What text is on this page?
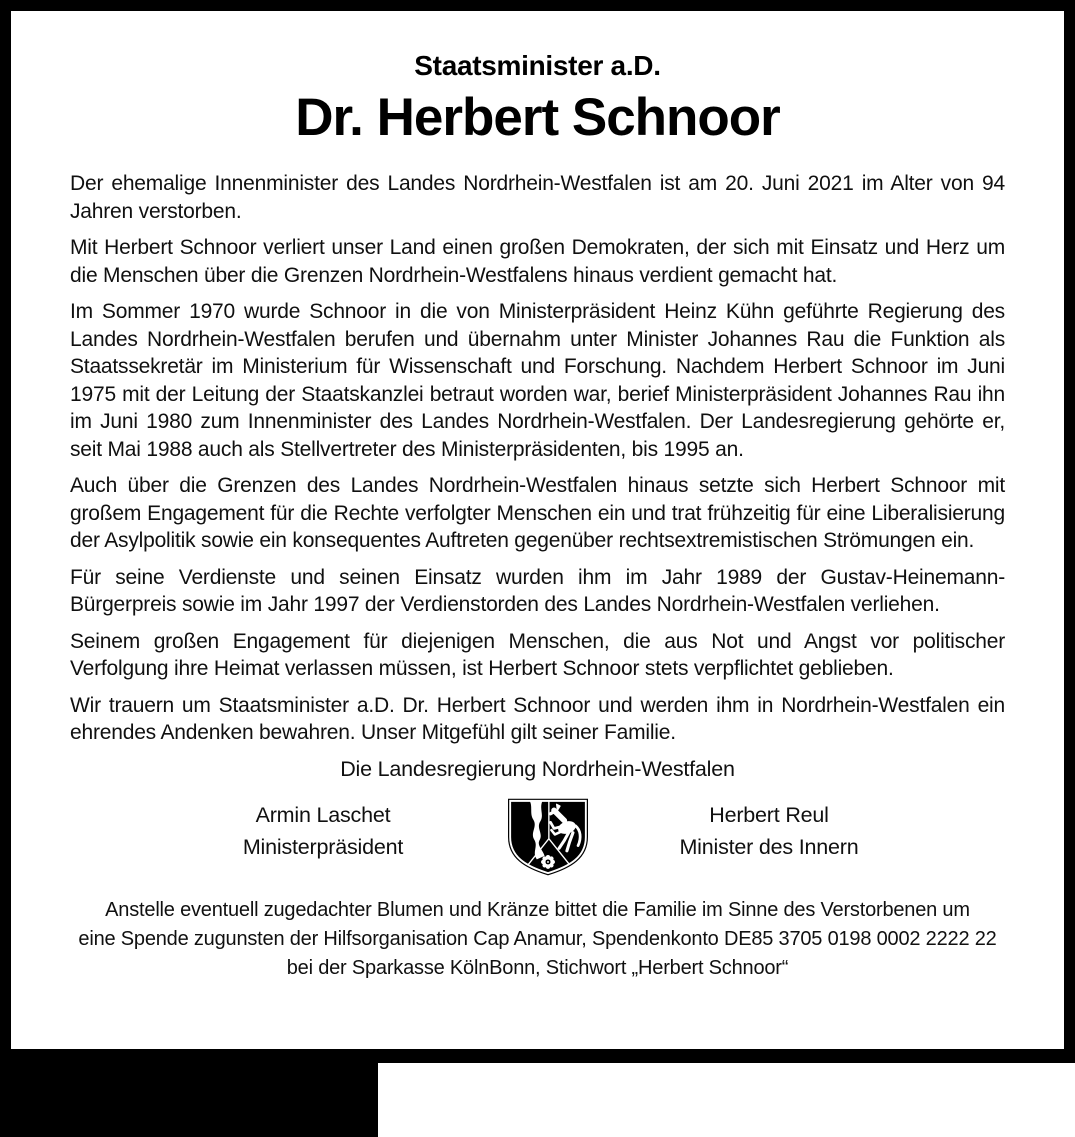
Staatsminister a.D.
Dr. Herbert Schnoor

Der ehemalige Innenminister des Landes Nordrhein-Westfalen ist am 20. Juni 2021 im Alter von 94 Jahren verstorben.

Mit Herbert Schnoor verliert unser Land einen großen Demokraten, der sich mit Einsatz und Herz um die Menschen über die Grenzen Nordrhein-Westfalens hinaus verdient gemacht hat.

Im Sommer 1970 wurde Schnoor in die von Ministerpräsident Heinz Kühn geführte Regierung des Landes Nordrhein-Westfalen berufen und übernahm unter Minister Johannes Rau die Funktion als Staatssekretär im Ministerium für Wissenschaft und Forschung. Nachdem Herbert Schnoor im Juni 1975 mit der Leitung der Staatskanzlei betraut worden war, berief Ministerpräsident Johannes Rau ihn im Juni 1980 zum Innenminister des Landes Nordrhein-Westfalen. Der Landesregierung gehörte er, seit Mai 1988 auch als Stellvertreter des Ministerpräsidenten, bis 1995 an.

Auch über die Grenzen des Landes Nordrhein-Westfalen hinaus setzte sich Herbert Schnoor mit großem Engagement für die Rechte verfolgter Menschen ein und trat frühzeitig für eine Liberalisierung der Asylpolitik sowie ein konsequentes Auftreten gegenüber rechtsextremistischen Strömungen ein.

Für seine Verdienste und seinen Einsatz wurden ihm im Jahr 1989 der Gustav-Heinemann-Bürgerpreis sowie im Jahr 1997 der Verdienstorden des Landes Nordrhein-Westfalen verliehen.

Seinem großen Engagement für diejenigen Menschen, die aus Not und Angst vor politischer Verfolgung ihre Heimat verlassen müssen, ist Herbert Schnoor stets verpflichtet geblieben.

Wir trauern um Staatsminister a.D. Dr. Herbert Schnoor und werden ihm in Nordrhein-Westfalen ein ehrendes Andenken bewahren. Unser Mitgefühl gilt seiner Familie.

Die Landesregierung Nordrhein-Westfalen
Armin Laschet
Ministerpräsident
Herbert Reul
Minister des Innern
Anstelle eventuell zugedachter Blumen und Kränze bittet die Familie im Sinne des Verstorbenen um
eine Spende zugunsten der Hilfsorganisation Cap Anamur, Spendenkonto DE85 3705 0198 0002 2222 22
bei der Sparkasse KölnBonn, Stichwort „Herbert Schnoor“
